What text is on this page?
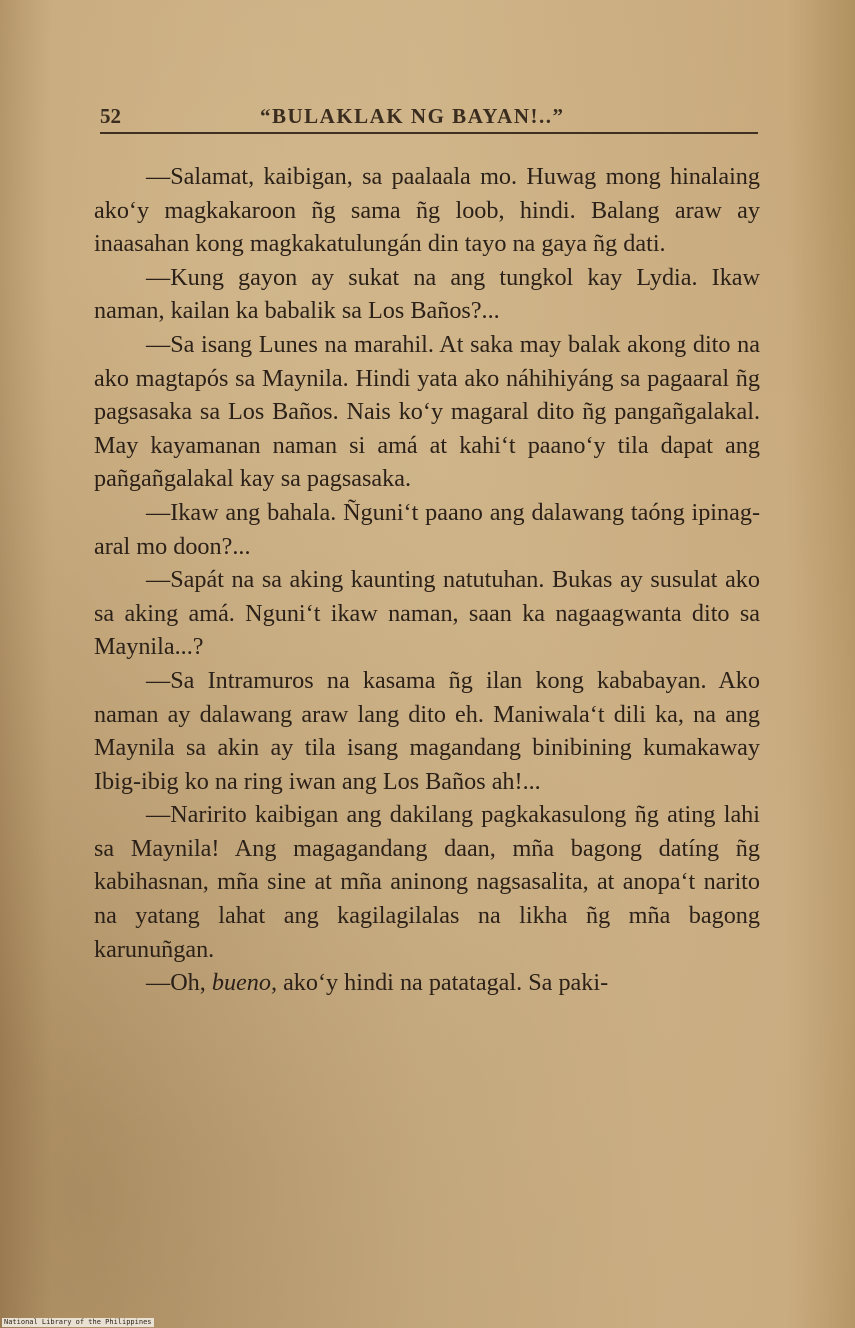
52	“BULAKLAK NG BAYAN!..”

—Salamat, kaibigan, sa paalaala mo. Huwag mong hinalaing ako‘y magkakaroon ñg sama ñg loob, hindi. Balang araw ay inaasahan kong magkakatulungán din tayo na gaya ñg dati.

—Kung gayon ay sukat na ang tungkol kay Lydia. Ikaw naman, kailan ka babalik sa Los Baños?...

—Sa isang Lunes na marahil. At saka may balak akong dito na ako magtapós sa Maynila. Hindi yata ako náhihiyáng sa pagaaral ñg pagsasaka sa Los Baños. Nais ko‘y magaral dito ñg pangañgalakal. May kayamanan naman si amá at kahi‘t paano‘y tila dapat ang pañgañgalakal kay sa pagsasaka.

—Ikaw ang bahala. Ñguni‘t paano ang dalawang taóng ipinag-aral mo doon?...

—Sapát na sa aking kaunting natutuhan. Bukas ay susulat ako sa aking amá. Nguni‘t ikaw naman, saan ka nagaagwanta dito sa Maynila...?

—Sa Intramuros na kasama ñg ilan kong kababayan. Ako naman ay dalawang araw lang dito eh. Maniwala‘t dili ka, na ang Maynila sa akin ay tila isang magandang binibining kumakaway Ibig-ibig ko na ring iwan ang Los Baños ah!...

—Naririto kaibigan ang dakilang pagkakasulong ñg ating lahi sa Maynila! Ang magagandang daan, mña bagong datíng ñg kabihasnan, mña sine at mña aninong nagsasalita, at anopa‘t narito na yatang lahat ang kagilagilalas na likha ñg mña bagong karunuñgan.

—Oh, bueno, ako‘y hindi na patatagal. Sa paki-

National Library of the Philippines
